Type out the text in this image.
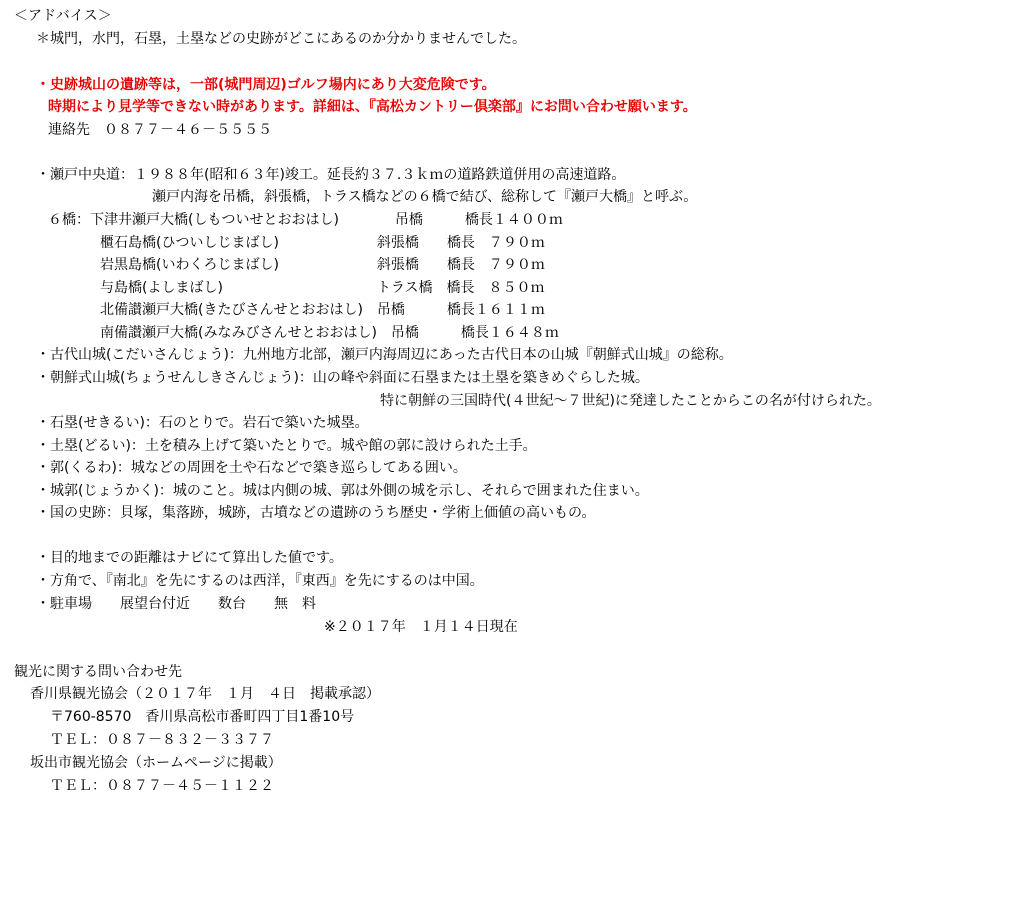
＜アドバイス＞
＊城門，水門，石塁，土塁などの史跡がどこにあるのか分かりませんでした。
・史跡城山の遺跡等は，一部(城門周辺)ゴルフ場内にあり大変危険です。
時期により見学等できない時があります。詳細は、『高松カントリー倶楽部』にお問い合わせ願います。
連絡先　０８７７－４６－５５５５
・瀬戸中央道：１９８８年(昭和６３年)竣工。延長約３７.３ｋｍの道路鉄道併用の高速道路。
瀬戸内海を吊橋，斜張橋，トラス橋などの６橋で結び、総称して『瀬戸大橋』と呼ぶ。
６橋：下津井瀬戸大橋(しもついせとおおはし)　　　　吊橋　　　橋長１４００ｍ
櫃石島橋(ひついしじまばし)　　　　　　　斜張橋　　橋長　７９０ｍ
岩黒島橋(いわくろじまばし)　　　　　　　斜張橋　　橋長　７９０ｍ
与島橋(よしまばし)　　　　　　　　　　　トラス橋　橋長　８５０ｍ
北備讃瀬戸大橋(きたびさんせとおおはし)　吊橋　　　橋長１６１１ｍ
南備讃瀬戸大橋(みなみびさんせとおおはし)　吊橋　　　橋長１６４８ｍ
・古代山城(こだいさんじょう)：九州地方北部，瀬戸内海周辺にあった古代日本の山城『朝鮮式山城』の総称。
・朝鮮式山城(ちょうせんしきさんじょう)：山の峰や斜面に石塁または土塁を築きめぐらした城。
特に朝鮮の三国時代(４世紀～７世紀)に発達したことからこの名が付けられた。
・石塁(せきるい)：石のとりで。岩石で築いた城塁。
・土塁(どるい)：土を積み上げて築いたとりで。城や館の郭に設けられた土手。
・郭(くるわ)：城などの周囲を土や石などで築き巡らしてある囲い。
・城郭(じょうかく)：城のこと。城は内側の城、郭は外側の城を示し、それらで囲まれた住まい。
・国の史跡：貝塚，集落跡，城跡，古墳などの遺跡のうち歴史・学術上価値の高いもの。
・目的地までの距離はナビにて算出した値です。
・方角で、『南北』を先にするのは西洋，『東西』を先にするのは中国。
・駐車場　　展望台付近　　数台　　無　料
※２０１７年　１月１４日現在
観光に関する問い合わせ先
香川県観光協会（２０１７年　１月　４日　掲載承認）
〒760-8570　香川県高松市番町四丁目1番10号
ＴＥＬ：０８７－８３２－３３７７
坂出市観光協会（ホームページに掲載）
ＴＥＬ：０８７７－４５－１１２２
